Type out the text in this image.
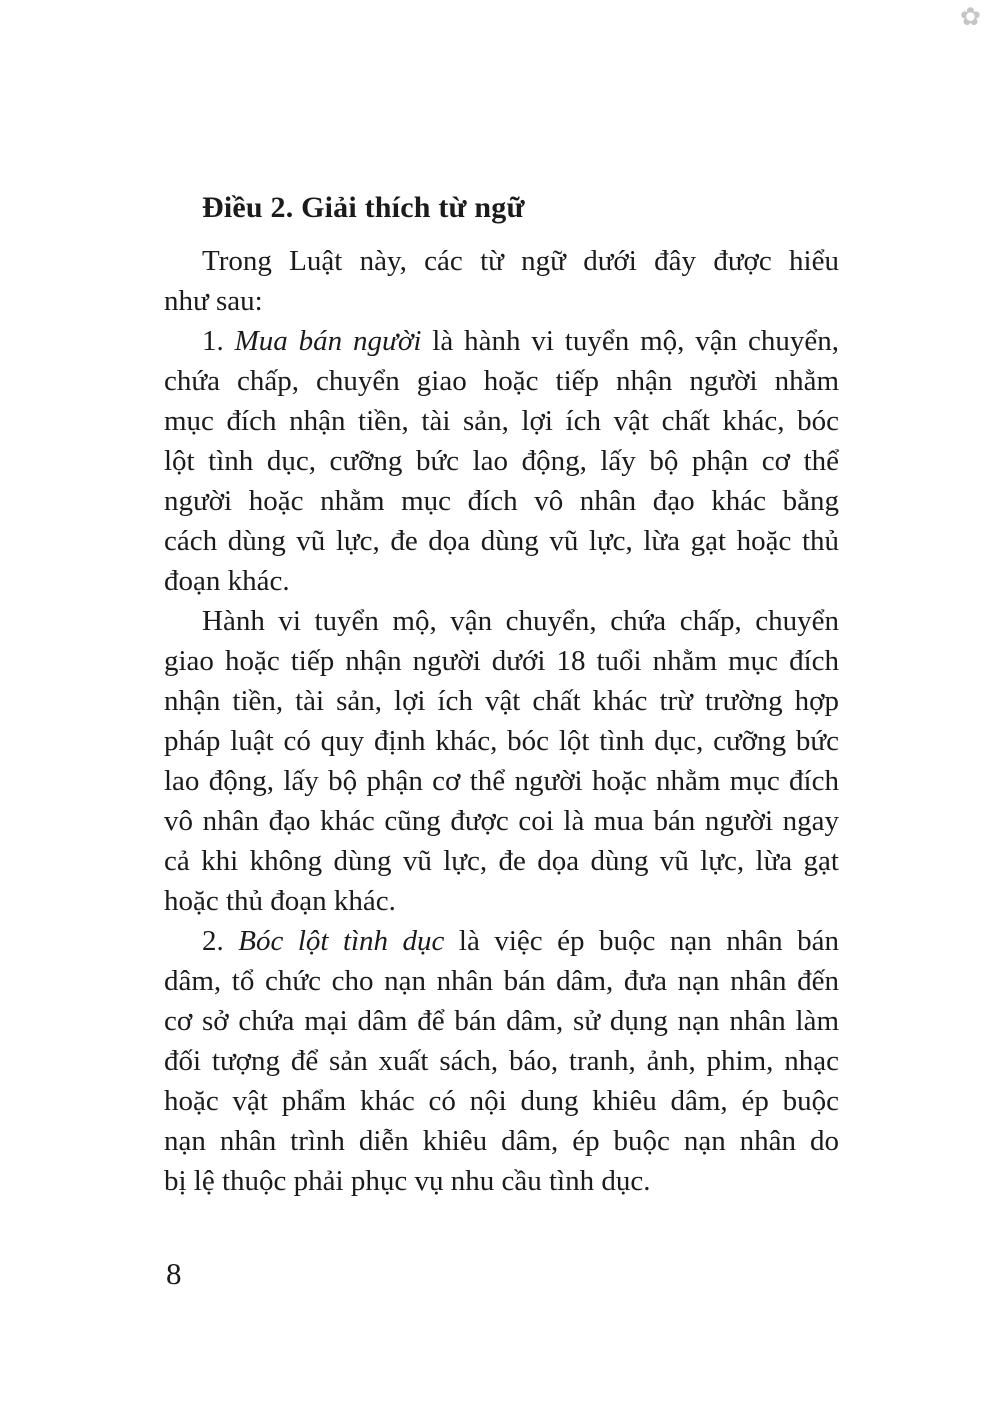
✿
Điều 2. Giải thích từ ngữ
Trong Luật này, các từ ngữ dưới đây được hiểu
như sau:
1. Mua bán người là hành vi tuyển mộ, vận chuyển,
chứa chấp, chuyển giao hoặc tiếp nhận người nhằm
mục đích nhận tiền, tài sản, lợi ích vật chất khác, bóc
lột tình dục, cưỡng bức lao động, lấy bộ phận cơ thể
người hoặc nhằm mục đích vô nhân đạo khác bằng
cách dùng vũ lực, đe dọa dùng vũ lực, lừa gạt hoặc thủ
đoạn khác.
Hành vi tuyển mộ, vận chuyển, chứa chấp, chuyển
giao hoặc tiếp nhận người dưới 18 tuổi nhằm mục đích
nhận tiền, tài sản, lợi ích vật chất khác trừ trường hợp
pháp luật có quy định khác, bóc lột tình dục, cưỡng bức
lao động, lấy bộ phận cơ thể người hoặc nhằm mục đích
vô nhân đạo khác cũng được coi là mua bán người ngay
cả khi không dùng vũ lực, đe dọa dùng vũ lực, lừa gạt
hoặc thủ đoạn khác.
2. Bóc lột tình dục là việc ép buộc nạn nhân bán
dâm, tổ chức cho nạn nhân bán dâm, đưa nạn nhân đến
cơ sở chứa mại dâm để bán dâm, sử dụng nạn nhân làm
đối tượng để sản xuất sách, báo, tranh, ảnh, phim, nhạc
hoặc vật phẩm khác có nội dung khiêu dâm, ép buộc
nạn nhân trình diễn khiêu dâm, ép buộc nạn nhân do
bị lệ thuộc phải phục vụ nhu cầu tình dục.
8
